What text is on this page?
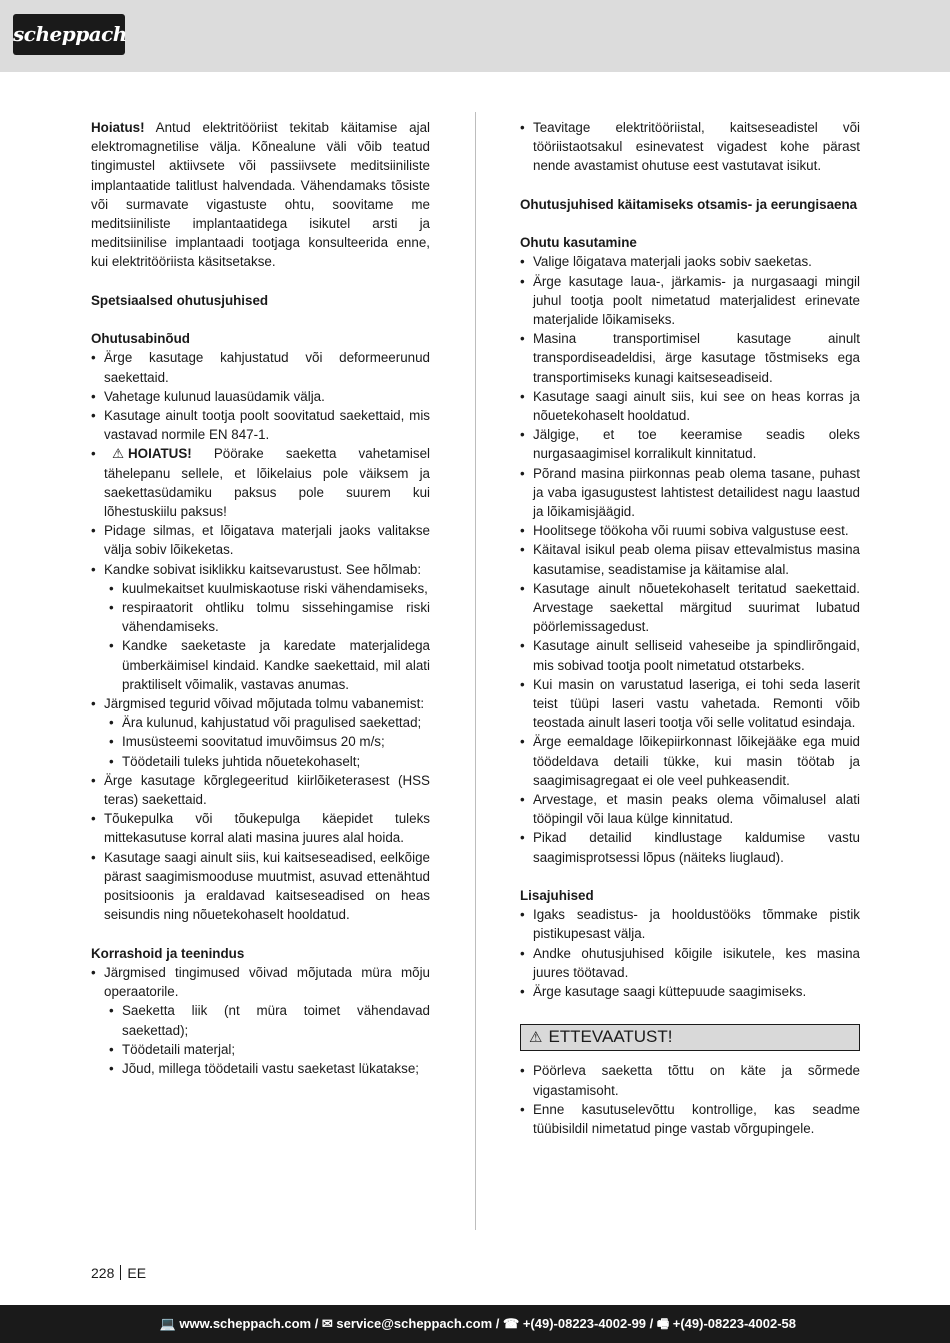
scheppach

Hoiatus! Antud elektritööriist tekitab käitamise ajal elektromagnetilise välja. Kõnealune väli võib teatud tingimustel aktiivsete või passiivsete meditsiiniliste implantaatide talitlust halvendada. Vähendamaks tõsiste või surmavate vigastuste ohtu, soovitame me meditsiiniliste implantaatidega isikutel arsti ja meditsiinilise implantaadi tootjaga konsulteerida enne, kui elektritööriista käsitsetakse.

Spetsiaalsed ohutusjuhised

Ohutusabinõud

• Ärge kasutage kahjustatud või deformeerunud saekettaid.
• Vahetage kulunud lauasüdamik välja.
• Kasutage ainult tootja poolt soovitatud saekettaid, mis vastavad normile EN 847-1.
• ⚠ HOIATUS! Pöörake saeketta vahetamisel tähelepanu sellele, et lõikelaius pole väiksem ja saekettasüdamiku paksus pole suurem kui lõhestuskiilu paksus!
• Pidage silmas, et lõigatava materjali jaoks valitakse välja sobiv lõikeketas.
• Kandke sobivat isiklikku kaitsevarustust. See hõlmab:
• kuulmekaitset kuulmiskaotuse riski vähendamiseks,
• respiraatorit ohtliku tolmu sissehingamise riski vähendamiseks.
• Kandke saeketaste ja karedate materjalidega ümberkäimisel kindaid. Kandke saekettaid, mil alati praktiliselt võimalik, vastavas anumas.
• Järgmised tegurid võivad mõjutada tolmu vabanemist:
• Ära kulunud, kahjustatud või pragulised saekettad;
• Imusüsteemi soovitatud imuvõimsus 20 m/s;
• Töödetaili tuleks juhtida nõuetekohaselt;
• Ärge kasutage kõrglegeeritud kiirlõiketerasest (HSS teras) saekettaid.
• Tõukepulka või tõukepulga käepidet tuleks mittekasutuse korral alati masina juures alal hoida.
• Kasutage saagi ainult siis, kui kaitseseadised, eelkõige pärast saagimismooduse muutmist, asuvad ettenähtud positsioonis ja eraldavad kaitseseadised on heas seisundis ning nõuetekohaselt hooldatud.

Korrashoid ja teenindus

• Järgmised tingimused võivad mõjutada müra mõju operaatorile.
• Saeketta liik (nt müra toimet vähendavad saekettad);
• Töödetaili materjal;
• Jõud, millega töödetaili vastu saeketast lükatakse;
• Teavitage elektritööriistal, kaitseseadistel või tööriistaotsakul esinevatest vigadest kohe pärast nende avastamist ohutuse eest vastutavat isikut.

Ohutusjuhised käitamiseks otsamis- ja eerungisaena

Ohutu kasutamine

• Valige lõigatava materjali jaoks sobiv saeketas.
• Ärge kasutage laua-, järkamis- ja nurgasaagi mingil juhul tootja poolt nimetatud materjalidest erinevate materjalide lõikamiseks.
• Masina transportimisel kasutage ainult transpordiseadeldisi, ärge kasutage tõstmiseks ega transportimiseks kunagi kaitseseadiseid.
• Kasutage saagi ainult siis, kui see on heas korras ja nõuetekohaselt hooldatud.
• Jälgige, et toe keeramise seadis oleks nurgasaagimisel korralikult kinnitatud.
• Põrand masina piirkonnas peab olema tasane, puhast ja vaba igasugustest lahtistest detailidest nagu laastud ja lõikamisjäägid.
• Hoolitsege töökoha või ruumi sobiva valgustuse eest.
• Käitaval isikul peab olema piisav ettevalmistus masina kasutamise, seadistamise ja käitamise alal.
• Kasutage ainult nõuetekohaselt teritatud saekettaid. Arvestage saekettal märgitud suurimat lubatud pöörlemissagedust.
• Kasutage ainult selliseid vaheseibe ja spindlirõngaid, mis sobivad tootja poolt nimetatud otstarbeks.
• Kui masin on varustatud laseriga, ei tohi seda laserit teist tüüpi laseri vastu vahetada. Remonti võib teostada ainult laseri tootja või selle volitatud esindaja.
• Ärge eemaldage lõikepiirkonnast lõikejääke ega muid töödeldava detaili tükke, kui masin töötab ja saagimisagregaat ei ole veel puhkeasendit.
• Arvestage, et masin peaks olema võimalusel alati tööpingil või laua külge kinnitatud.
• Pikad detailid kindlustage kaldumise vastu saagimisprotsessi lõpus (näiteks liuglaud).

Lisajuhised

• Igaks seadistus- ja hooldustööks tõmmake pistik pistikupesast välja.
• Andke ohutusjuhised kõigile isikutele, kes masina juures töötavad.
• Ärge kasutage saagi küttepuude saagimiseks.
⚠ ETTEVAATUST!
• Pöörleva saeketta tõttu on käte ja sõrmede vigastamisoht.
• Enne kasutuselevõttu kontrollige, kas seadme tüübisildil nimetatud pinge vastab võrgupingele.
228 EE
💻 www.scheppach.com / ✉ service@scheppach.com / ☎ +(49)-08223-4002-99 / 🖷 +(49)-08223-4002-58
